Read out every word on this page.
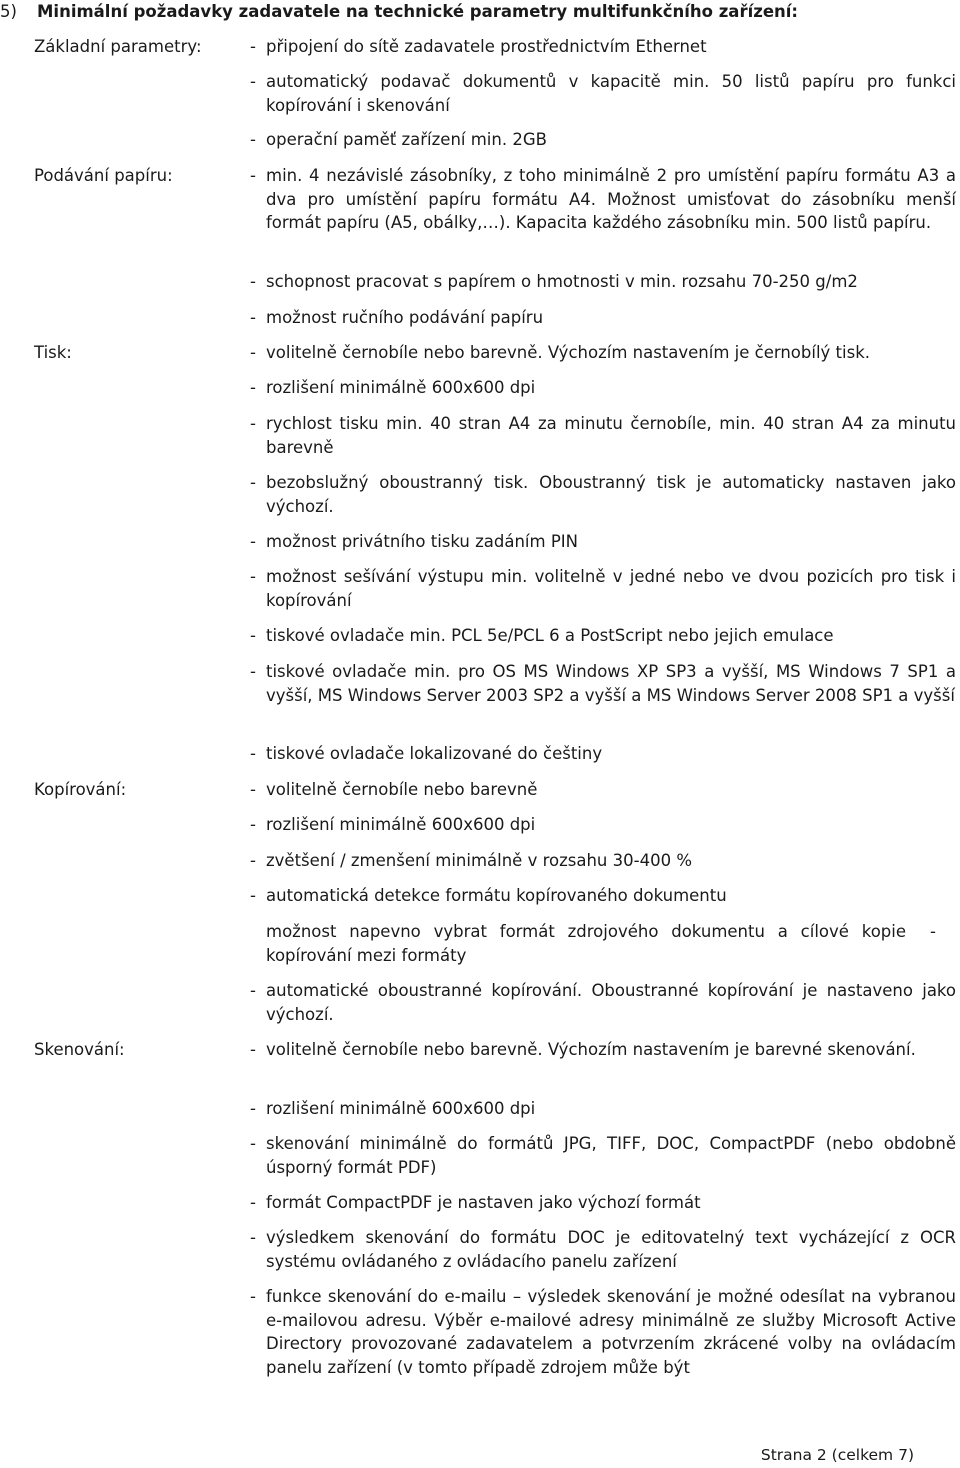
5) Minimální požadavky zadavatele na technické parametry multifunkčního zařízení:
Základní parametry:
Podávání papíru:
Tisk:
Kopírování:
Skenování:
- připojení do sítě zadavatele prostřednictvím Ethernet

- automatický podavač dokumentů v kapacitě min. 50 listů papíru pro funkci kopírování i skenování

- operační paměť zařízení min. 2GB

- min. 4 nezávislé zásobníky, z toho minimálně 2 pro umístění papíru formátu A3 a dva pro umístění papíru formátu A4. Možnost umisťovat do zásobníku menší formát papíru (A5, obálky,…). Kapacita každého zásobníku min. 500 listů papíru.

- schopnost pracovat s papírem o hmotnosti v min. rozsahu 70-250 g/m2

- možnost ručního podávání papíru

- volitelně černobíle nebo barevně. Výchozím nastavením je černobílý tisk.

- rozlišení minimálně 600x600 dpi

- rychlost tisku min. 40 stran A4 za minutu černobíle, min. 40 stran A4 za minutu barevně

- bezobslužný oboustranný tisk. Oboustranný tisk je automaticky nastaven jako výchozí.

- možnost privátního tisku zadáním PIN

- možnost sešívání výstupu min. volitelně v jedné nebo ve dvou pozicích pro tisk i kopírování

- tiskové ovladače min. PCL 5e/PCL 6 a PostScript nebo jejich emulace

- tiskové ovladače min. pro OS MS Windows XP SP3 a vyšší, MS Windows 7 SP1 a vyšší, MS Windows Server 2003 SP2 a vyšší a MS Windows Server 2008 SP1 a vyšší

- tiskové ovladače lokalizované do češtiny

- volitelně černobíle nebo barevně

- rozlišení minimálně 600x600 dpi

- zvětšení / zmenšení minimálně v rozsahu 30-400 %

- automatická detekce formátu kopírovaného dokumentu

možnost napevno vybrat formát zdrojového dokumentu a cílové kopie kopírování mezi formáty

-
- automatické oboustranné kopírování. Oboustranné kopírování je nastaveno jako výchozí.

- volitelně černobíle nebo barevně. Výchozím nastavením je barevné skenování.

- rozlišení minimálně 600x600 dpi

- skenování minimálně do formátů JPG, TIFF, DOC, CompactPDF (nebo obdobně úsporný formát PDF)

- formát CompactPDF je nastaven jako výchozí formát

- výsledkem skenování do formátu DOC je editovatelný text vycházející z OCR systému ovládaného z ovládacího panelu zařízení

- funkce skenování do e-mailu – výsledek skenování je možné odesílat na vybranou e-mailovou adresu. Výběr e-mailové adresy minimálně ze služby Microsoft Active Directory provozované zadavatelem a potvrzením zkrácené volby na ovládacím panelu zařízení (v tomto případě zdrojem může být

Strana 2 (celkem 7)
